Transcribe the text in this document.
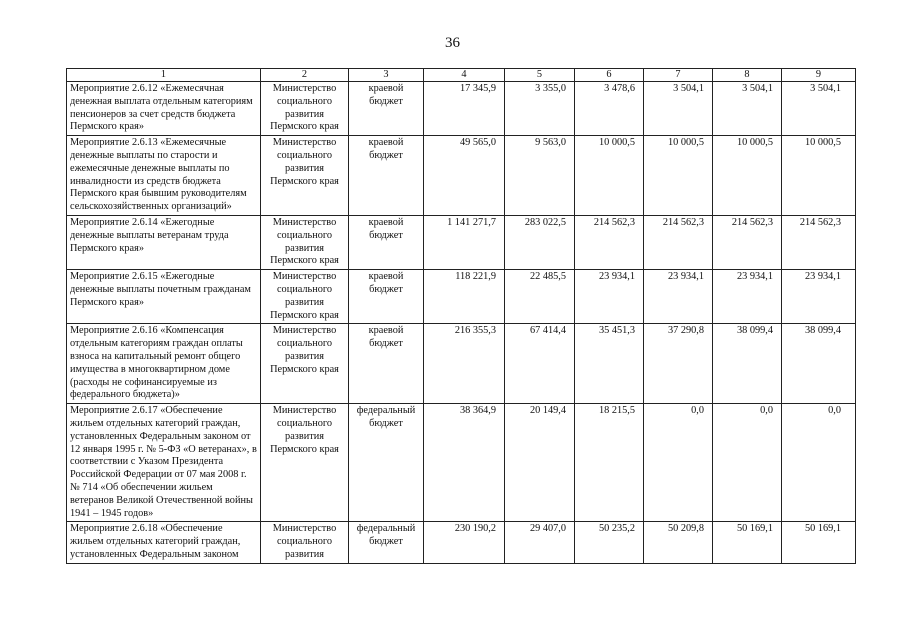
36
1	2	3	4	5	6	7	8	9
Мероприятие 2.6.12 «Ежемесячная денежная выплата отдельным категориям пенсионеров за счет средств бюджета Пермского края»	Министерство социального развития Пермского края	краевой бюджет	17 345,9	3 355,0	3 478,6	3 504,1	3 504,1	3 504,1
Мероприятие 2.6.13 «Ежемесячные денежные выплаты по старости и ежемесячные денежные выплаты по инвалидности из средств бюджета Пермского края бывшим руководителям сельскохозяйственных организаций»	Министерство социального развития Пермского края	краевой бюджет	49 565,0	9 563,0	10 000,5	10 000,5	10 000,5	10 000,5
Мероприятие 2.6.14 «Ежегодные денежные выплаты ветеранам труда Пермского края»	Министерство социального развития Пермского края	краевой бюджет	1 141 271,7	283 022,5	214 562,3	214 562,3	214 562,3	214 562,3
Мероприятие 2.6.15 «Ежегодные денежные выплаты почетным гражданам Пермского края»	Министерство социального развития Пермского края	краевой бюджет	118 221,9	22 485,5	23 934,1	23 934,1	23 934,1	23 934,1
Мероприятие 2.6.16 «Компенсация отдельным категориям граждан оплаты взноса на капитальный ремонт общего имущества в многоквартирном доме (расходы не софинансируемые из федерального бюджета)»	Министерство социального развития Пермского края	краевой бюджет	216 355,3	67 414,4	35 451,3	37 290,8	38 099,4	38 099,4
Мероприятие 2.6.17 «Обеспечение жильем отдельных категорий граждан, установленных Федеральным законом от 12 января 1995 г. № 5-ФЗ «О ветеранах», в соответствии с Указом Президента Российской Федерации от 07 мая 2008 г. № 714 «Об обеспечении жильем ветеранов Великой Отечественной войны 1941 – 1945 годов»	Министерство социального развития Пермского края	федеральный бюджет	38 364,9	20 149,4	18 215,5	0,0	0,0	0,0
Мероприятие 2.6.18 «Обеспечение жильем отдельных категорий граждан, установленных Федеральным законом	Министерство социального развития	федеральный бюджет	230 190,2	29 407,0	50 235,2	50 209,8	50 169,1	50 169,1
